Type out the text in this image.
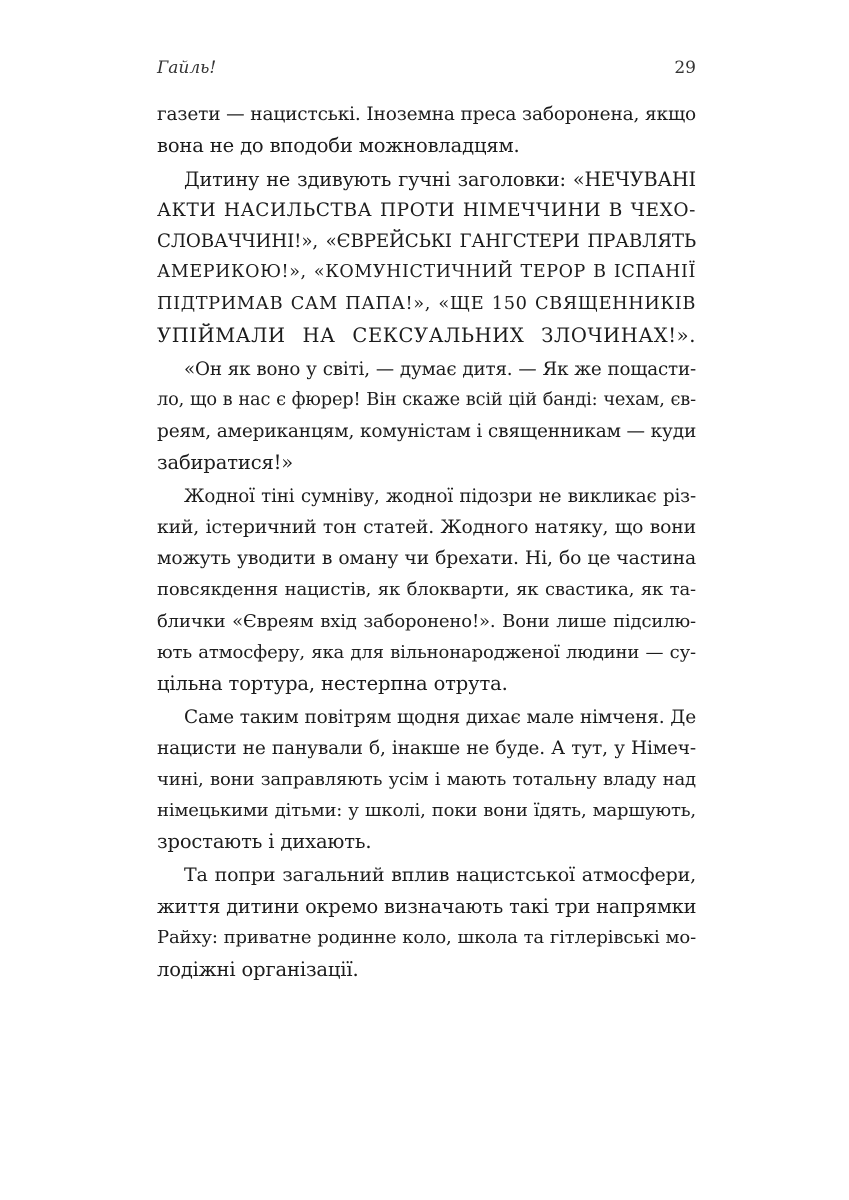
Гайль!	29
газети — нацистські. Іноземна преса заборонена, якщо
вона не до вподоби можновладцям.
Дитину не здивують гучні заголовки: «НЕЧУВАНІ
АКТИ НАСИЛЬСТВА ПРОТИ НІМЕЧЧИНИ В ЧЕХО-
СЛОВАЧЧИНІ!», «ЄВРЕЙСЬКІ ГАНГСТЕРИ ПРАВЛЯТЬ
АМЕРИКОЮ!», «КОМУНІСТИЧНИЙ ТЕРОР В ІСПАНІЇ
ПІДТРИМАВ САМ ПАПА!», «ЩЕ 150 СВЯЩЕННИКІВ
УПІЙМАЛИ НА СЕКСУАЛЬНИХ ЗЛОЧИНАХ!».
«Он як воно у світі, — думає дитя. — Як же пощасти-
ло, що в нас є фюрер! Він скаже всій цій банді: чехам, єв-
реям, американцям, комуністам і священникам — куди
забиратися!»
Жодної тіні сумніву, жодної підозри не викликає різ-
кий, істеричний тон статей. Жодного натяку, що вони
можуть уводити в оману чи брехати. Ні, бо це частина
повсякдення нацистів, як блокварти, як свастика, як та-
блички «Євреям вхід заборонено!». Вони лише підсилю-
ють атмосферу, яка для вільнонародженої людини — су-
цільна тортура, нестерпна отрута.
Саме таким повітрям щодня дихає мале німченя. Де
нацисти не панували б, інакше не буде. А тут, у Німеч-
чині, вони заправляють усім і мають тотальну владу над
німецькими дітьми: у школі, поки вони їдять, маршують,
зростають і дихають.
Та попри загальний вплив нацистської атмосфери,
життя дитини окремо визначають такі три напрямки
Райху: приватне родинне коло, школа та гітлерівські мо-
лодіжні організації.
